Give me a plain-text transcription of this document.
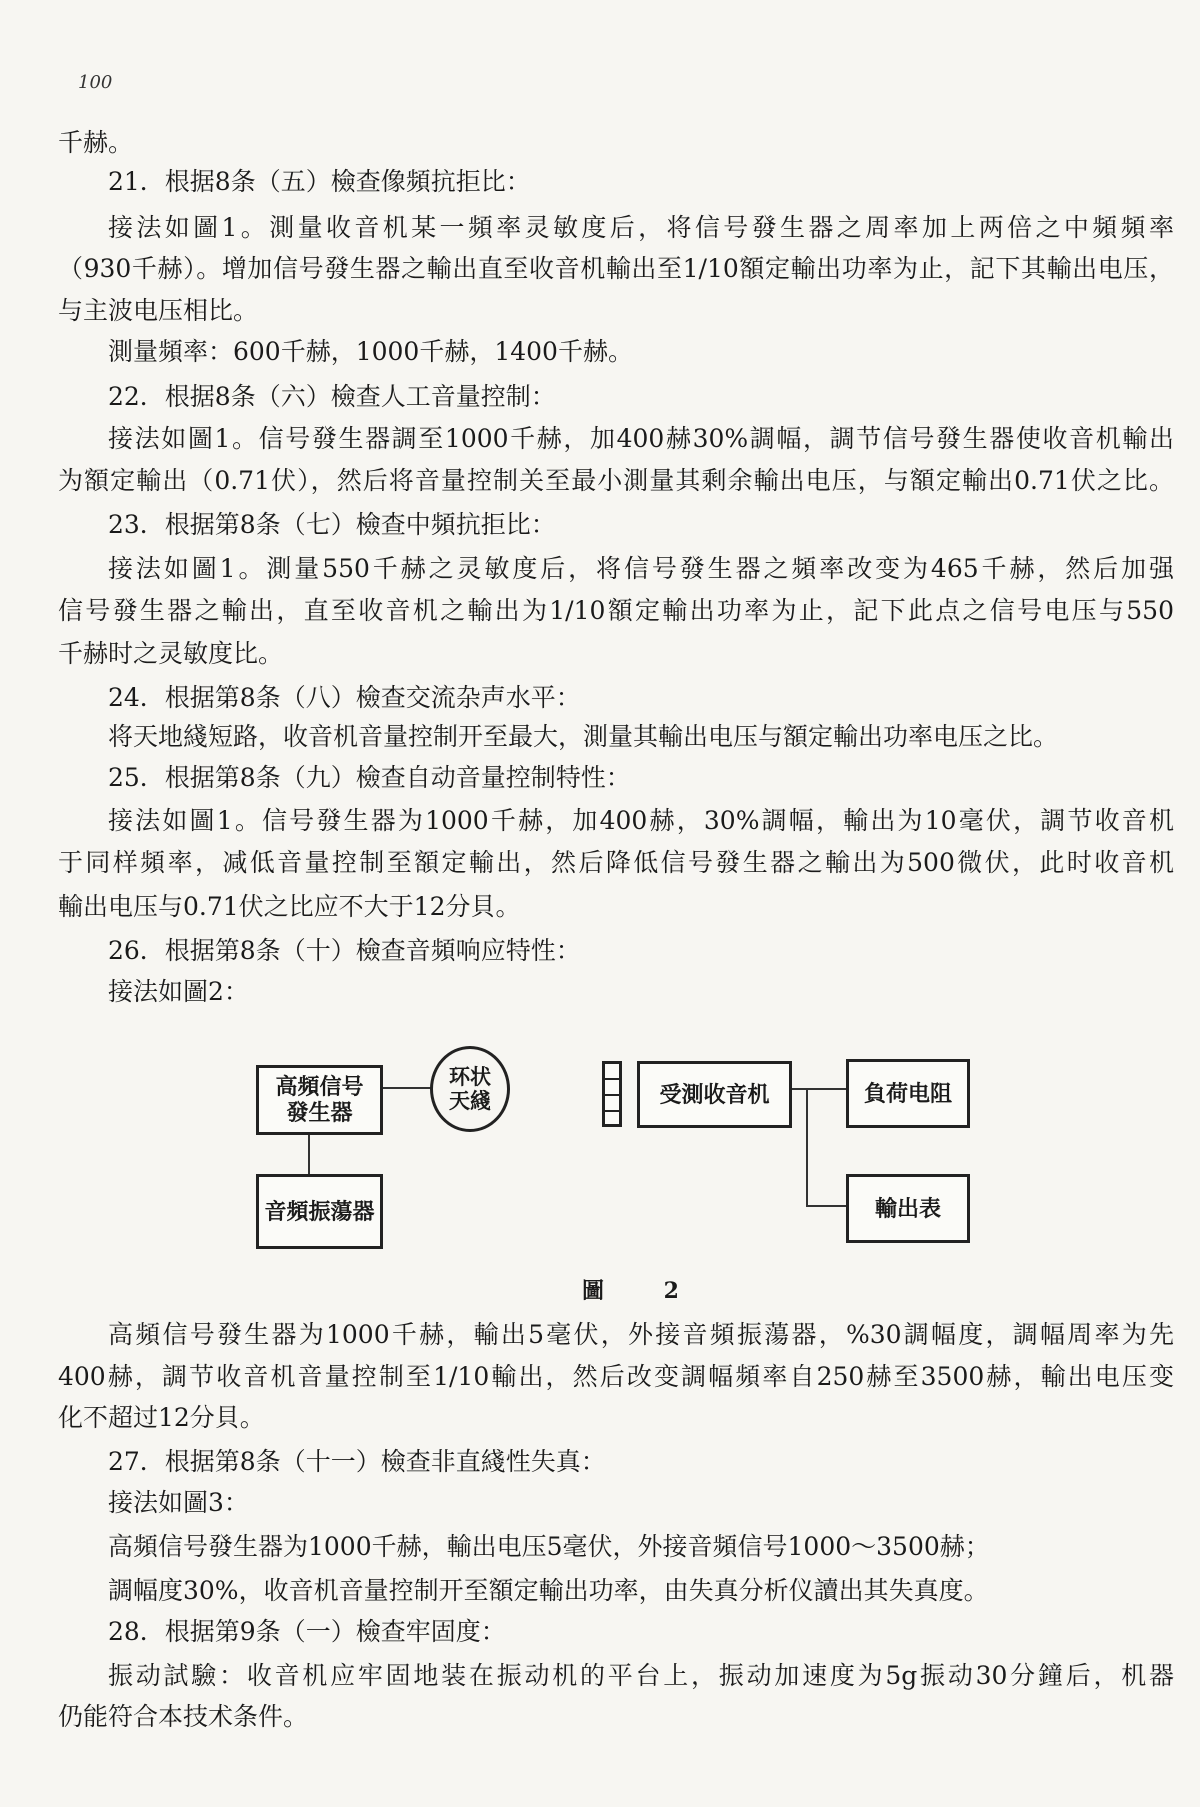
100
千赫。
21．根据8条（五）檢查像頻抗拒比：
接法如圖1。測量收音机某一頻率灵敏度后，将信号發生器之周率加上两倍之中頻頻率
（930千赫）。增加信号發生器之輸出直至收音机輸出至1/10額定輸出功率为止，記下其輸出电压，
与主波电压相比。
測量頻率：600千赫，1000千赫，1400千赫。
22．根据8条（六）檢查人工音量控制：
接法如圖1。信号發生器調至1000千赫，加400赫30%調幅，調节信号發生器使收音机輸出
为額定輸出（0.71伏），然后将音量控制关至最小測量其剩余輸出电压，与額定輸出0.71伏之比。
23．根据第8条（七）檢查中頻抗拒比：
接法如圖1。測量550千赫之灵敏度后，将信号發生器之頻率改变为465千赫，然后加强
信号發生器之輸出，直至收音机之輸出为1/10額定輸出功率为止，記下此点之信号电压与550
千赫时之灵敏度比。
24．根据第8条（八）檢查交流杂声水平：
将天地綫短路，收音机音量控制开至最大，測量其輸出电压与額定輸出功率电压之比。
25．根据第8条（九）檢查自动音量控制特性：
接法如圖1。信号發生器为1000千赫，加400赫，30%調幅，輸出为10毫伏，調节收音机
于同样頻率，减低音量控制至額定輸出，然后降低信号發生器之輸出为500微伏，此时收音机
輸出电压与0.71伏之比应不大于12分貝。
26．根据第8条（十）檢查音頻响应特性：
接法如圖2：
高頻信号發生器为1000千赫，輸出5毫伏，外接音頻振蕩器，%30調幅度，調幅周率为先
400赫，調节收音机音量控制至1/10輸出，然后改变調幅頻率自250赫至3500赫，輸出电压变
化不超过12分貝。
27．根据第8条（十一）檢查非直綫性失真：
接法如圖3：
高頻信号發生器为1000千赫，輸出电压5毫伏，外接音頻信号1000～3500赫；
調幅度30%，收音机音量控制开至額定輸出功率，由失真分析仪讀出其失真度。
28．根据第9条（一）檢查牢固度：
振动試驗：收音机应牢固地装在振动机的平台上，振动加速度为5g振动30分鐘后，机器
仍能符合本技术条件。
高頻信号
發生器
环状
天綫
音頻振蕩器
受測收音机	負荷电阻
輸出表
圖 2
